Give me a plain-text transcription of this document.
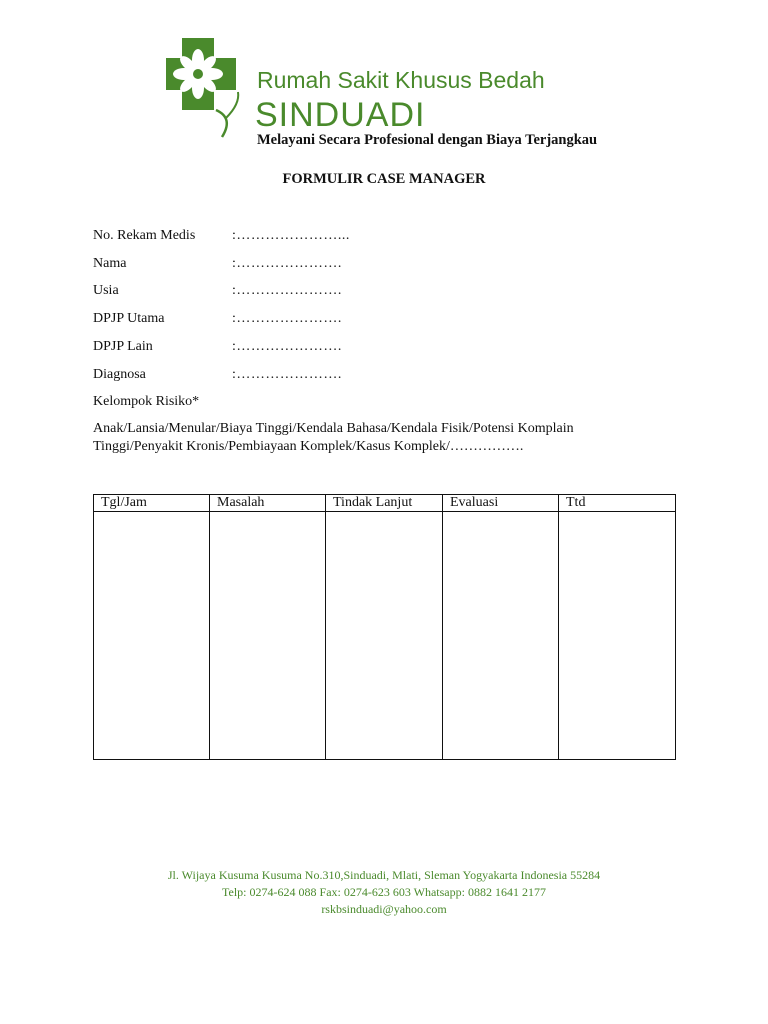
Rumah Sakit Khusus Bedah
SINDUADI
Melayani Secara Profesional dengan Biaya Terjangkau
FORMULIR CASE MANAGER
No. Rekam Medis	:…………………...
Nama	:………………….
Usia	:………………….
DPJP Utama	:………………….
DPJP Lain	:………………….
Diagnosa	:………………….
Kelompok Risiko*
Anak/Lansia/Menular/Biaya Tinggi/Kendala Bahasa/Kendala Fisik/Potensi Komplain
Tinggi/Penyakit Kronis/Pembiayaan Komplek/Kasus Komplek/…………….
Tgl/Jam	Masalah	Tindak Lanjut	Evaluasi	Ttd

Jl. Wijaya Kusuma Kusuma No.310,Sinduadi, Mlati, Sleman Yogyakarta Indonesia 55284
Telp: 0274-624 088 Fax: 0274-623 603 Whatsapp: 0882 1641 2177
rskbsinduadi@yahoo.com
